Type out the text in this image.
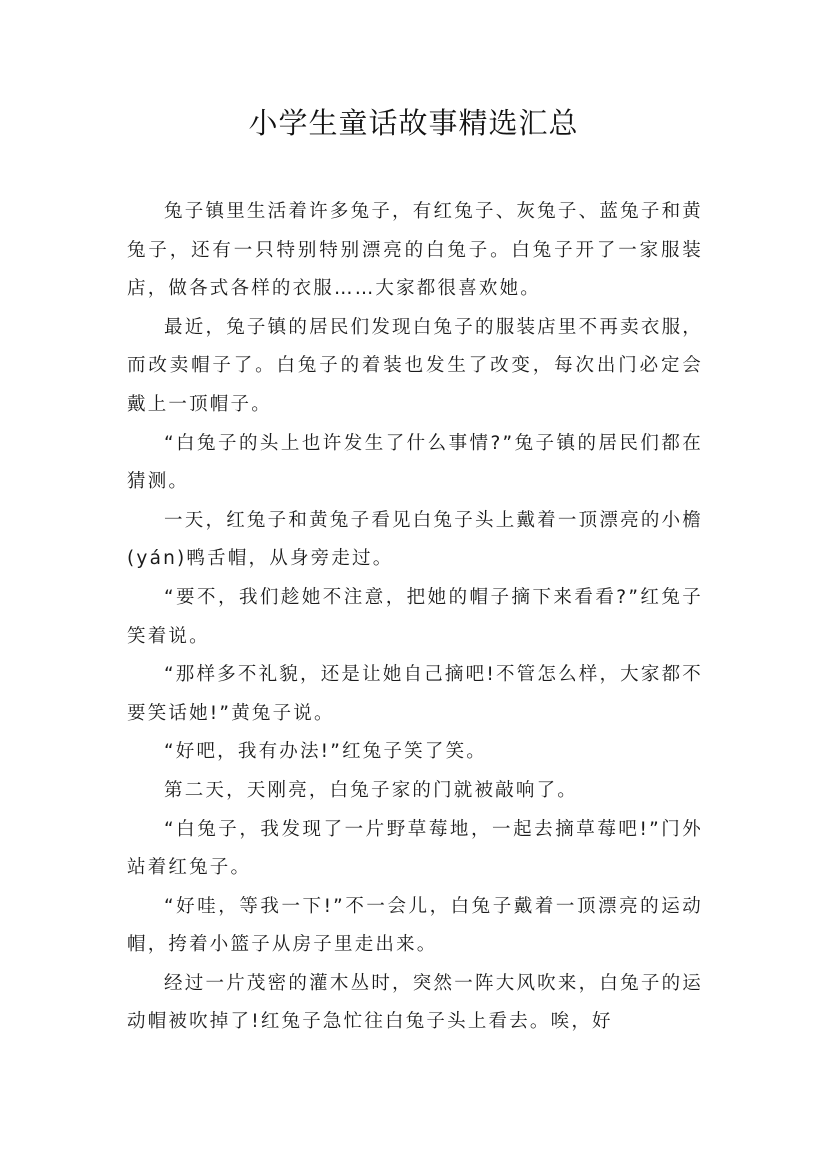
小学生童话故事精选汇总

兔子镇里生活着许多兔子，有红兔子、灰兔子、蓝兔子和黄兔子，还有一只特别特别漂亮的白兔子。白兔子开了一家服装店，做各式各样的衣服……大家都很喜欢她。

最近，兔子镇的居民们发现白兔子的服装店里不再卖衣服，而改卖帽子了。白兔子的着装也发生了改变，每次出门必定会戴上一顶帽子。

“白兔子的头上也许发生了什么事情?”兔子镇的居民们都在猜测。

一天，红兔子和黄兔子看见白兔子头上戴着一顶漂亮的小檐(yán)鸭舌帽，从身旁走过。

“要不，我们趁她不注意，把她的帽子摘下来看看?”红兔子笑着说。

“那样多不礼貌，还是让她自己摘吧!不管怎么样，大家都不要笑话她!”黄兔子说。

“好吧，我有办法!”红兔子笑了笑。

第二天，天刚亮，白兔子家的门就被敲响了。

“白兔子，我发现了一片野草莓地，一起去摘草莓吧!”门外站着红兔子。

“好哇，等我一下!”不一会儿，白兔子戴着一顶漂亮的运动帽，挎着小篮子从房子里走出来。

经过一片茂密的灌木丛时，突然一阵大风吹来，白兔子的运动帽被吹掉了!红兔子急忙往白兔子头上看去。唉，好
